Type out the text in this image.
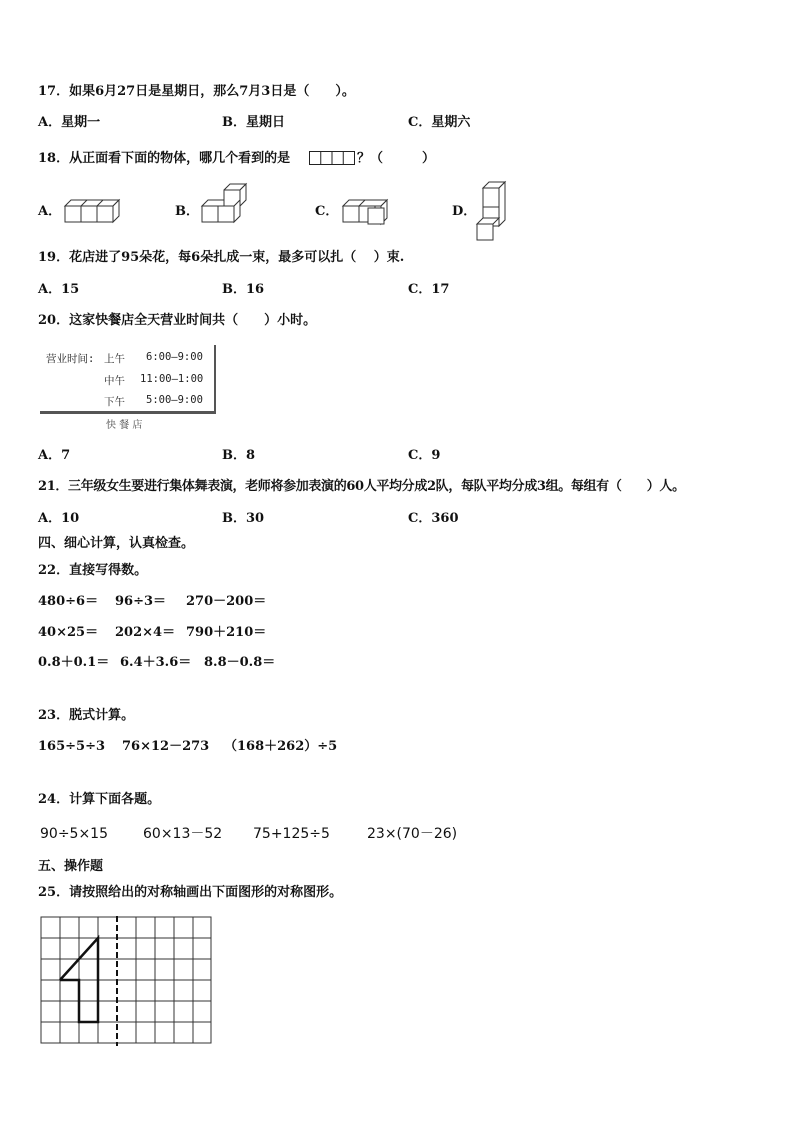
17．如果6月27日是星期日，那么7月3日是（　　）。
A．星期一	B．星期日	C．星期六
18．从正面看下面的物体，哪几个看到的是	？（　　　）
A．	B．	C．	D．
19．花店进了95朵花，每6朵扎成一束，最多可以扎（　 ）束.
A．15	B．16	C．17
20．这家快餐店全天营业时间共（　　）小时。
营业时间: 上午 6:00—9:00
中午 11:00—1:00
下午 5:00—9:00
快 餐 店
A．7	B．8	C．9
21．三年级女生要进行集体舞表演，老师将参加表演的60人平均分成2队，每队平均分成3组。每组有（　　）人。
A．10	B．30	C．360
四、细心计算，认真检查。
22．直接写得数。
480÷6＝ 96÷3＝ 270－200＝
40×25＝ 202×4＝ 790＋210＝
0.8＋0.1＝ 6.4＋3.6＝ 8.8－0.8＝
23．脱式计算。
165÷5÷3 76×12－273 （168＋262）÷5
24．计算下面各题。
90÷5×15	60×13－52 75+125÷5	23×(70－26)
五、操作题
25．请按照给出的对称轴画出下面图形的对称图形。
